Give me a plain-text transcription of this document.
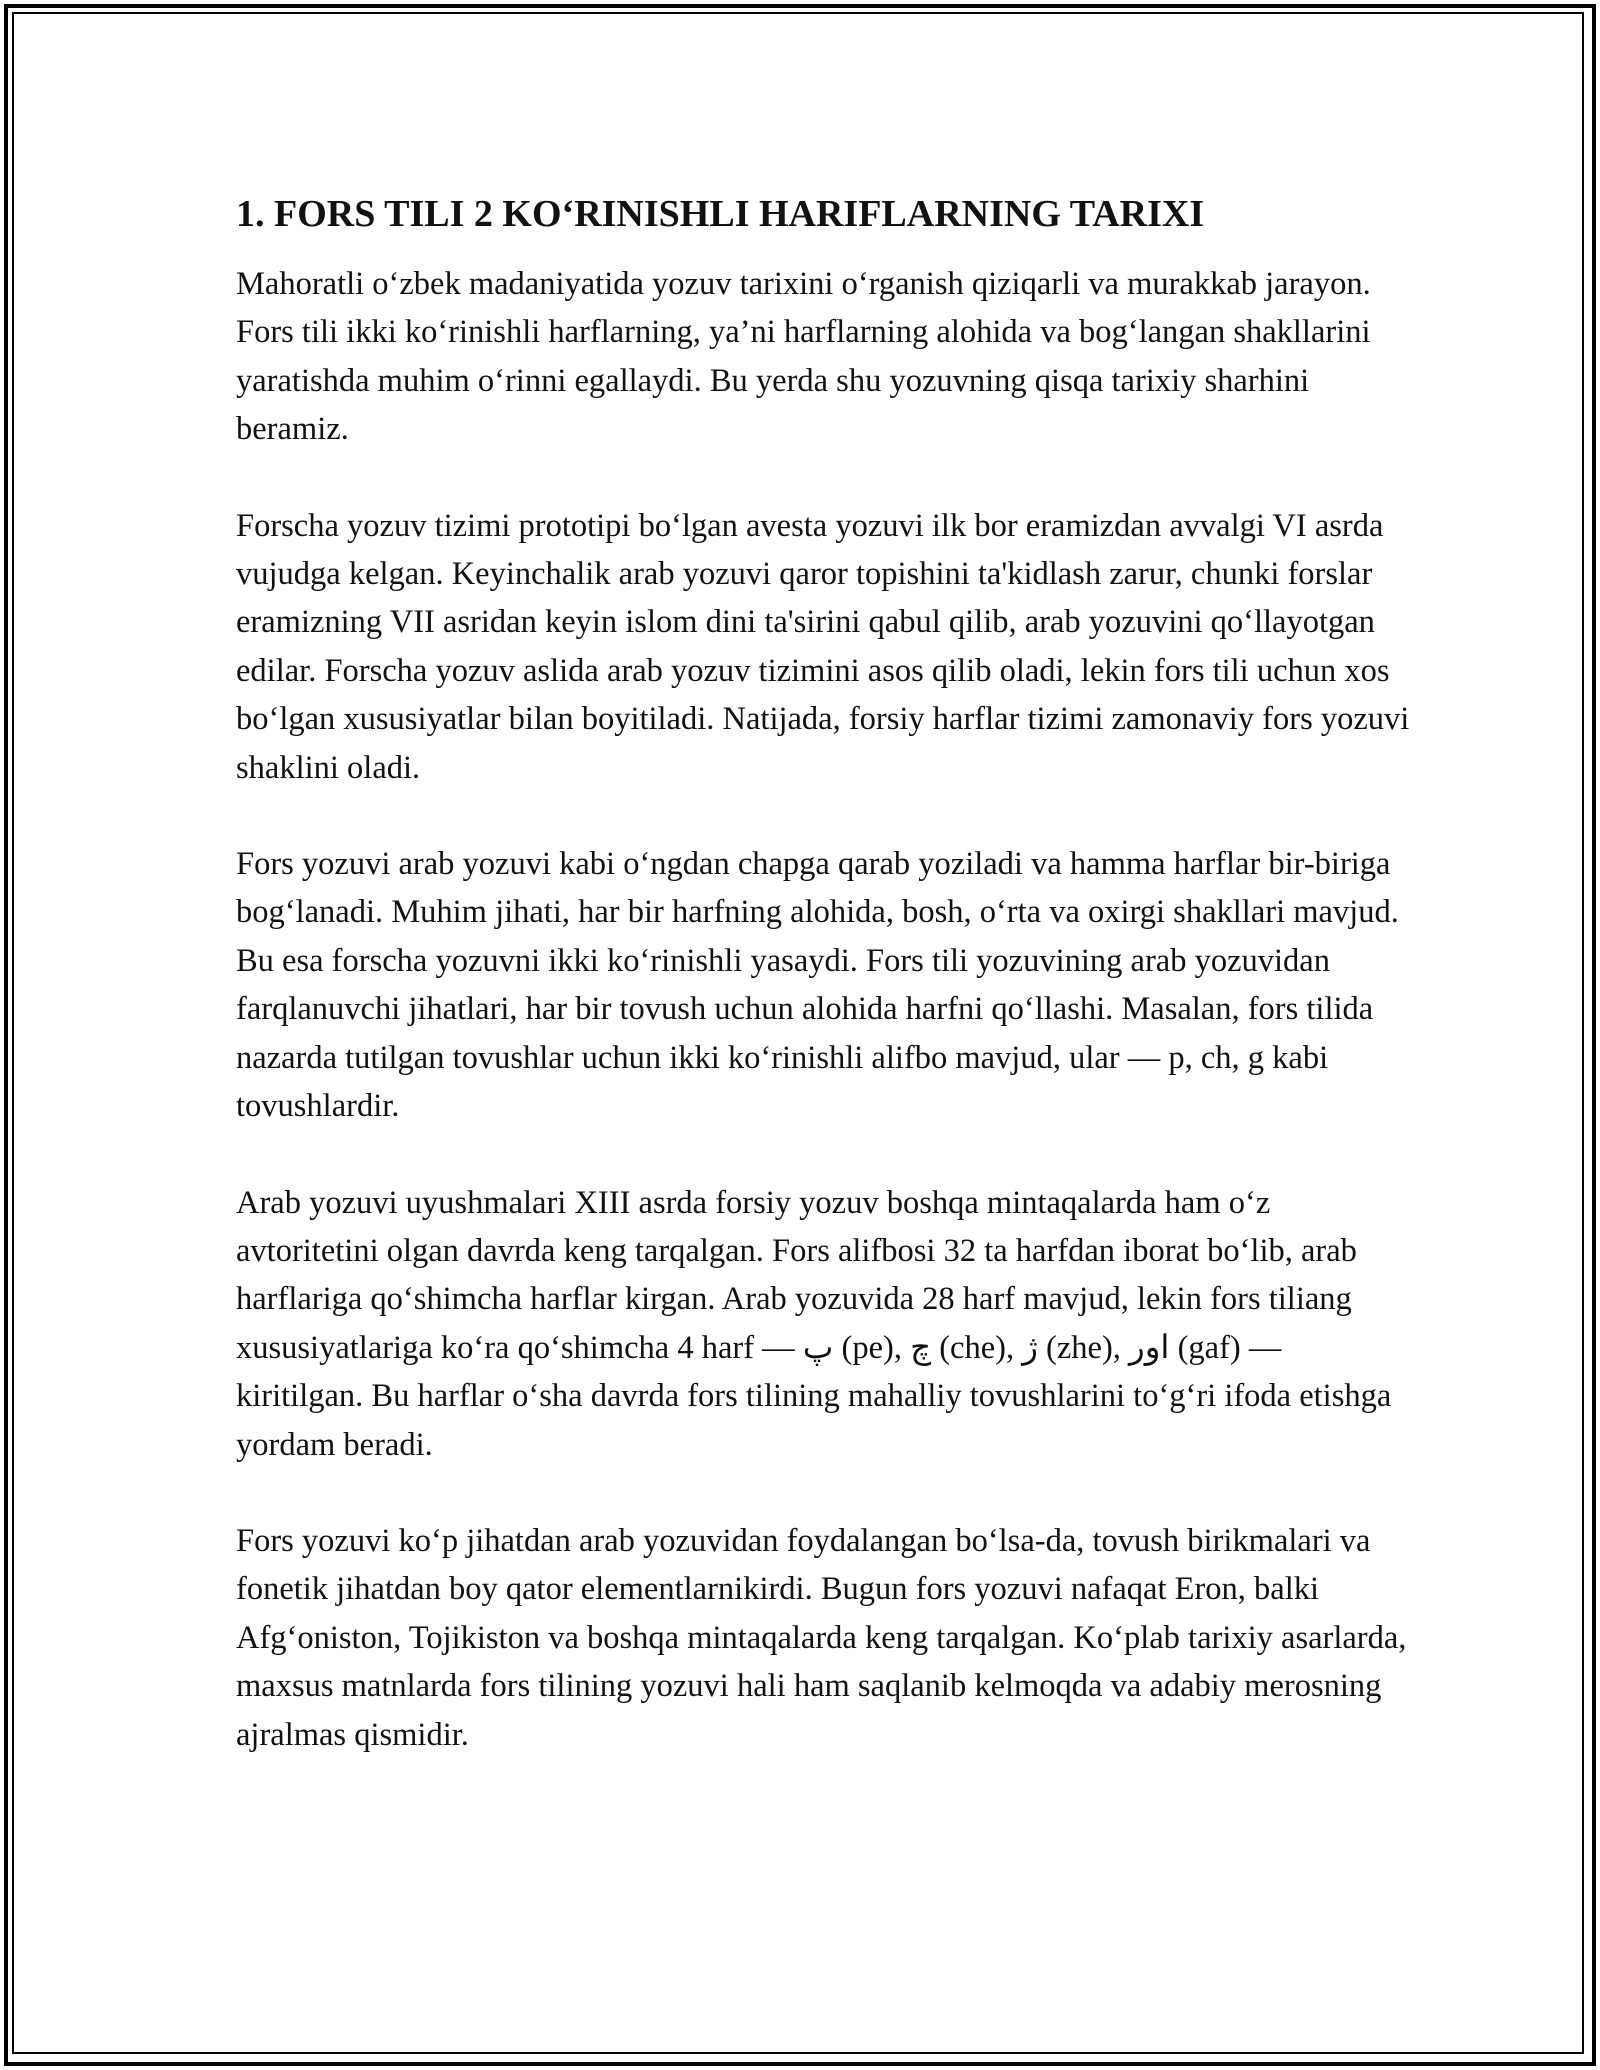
1. FORS TILI 2 KO‘RINISHLI HARIFLARNING TARIXI

Mahoratli o‘zbek madaniyatida yozuv tarixini o‘rganish qiziqarli va murakkab jarayon. Fors tili ikki ko‘rinishli harflarning, ya’ni harflarning alohida va bog‘langan shakllarini yaratishda muhim o‘rinni egallaydi. Bu yerda shu yozuvning qisqa tarixiy sharhini beramiz.

Forscha yozuv tizimi prototipi bo‘lgan avesta yozuvi ilk bor eramizdan avvalgi VI asrda vujudga kelgan. Keyinchalik arab yozuvi qaror topishini ta'kidlash zarur, chunki forslar eramizning VII asridan keyin islom dini ta'sirini qabul qilib, arab yozuvini qo‘llayotgan edilar. Forscha yozuv aslida arab yozuv tizimini asos qilib oladi, lekin fors tili uchun xos bo‘lgan xususiyatlar bilan boyitiladi. Natijada, forsiy harflar tizimi zamonaviy fors yozuvi shaklini oladi.

Fors yozuvi arab yozuvi kabi o‘ngdan chapga qarab yoziladi va hamma harflar bir-biriga bog‘lanadi. Muhim jihati, har bir harfning alohida, bosh, o‘rta va oxirgi shakllari mavjud. Bu esa forscha yozuvni ikki ko‘rinishli yasaydi. Fors tili yozuvining arab yozuvidan farqlanuvchi jihatlari, har bir tovush uchun alohida harfni qo‘llashi. Masalan, fors tilida nazarda tutilgan tovushlar uchun ikki ko‘rinishli alifbo mavjud, ular — p, ch, g kabi tovushlardir.

Arab yozuvi uyushmalari XIII asrda forsiy yozuv boshqa mintaqalarda ham o‘z avtoritetini olgan davrda keng tarqalgan. Fors alifbosi 32 ta harfdan iborat bo‘lib, arab harflariga qo‘shimcha harflar kirgan. Arab yozuvida 28 harf mavjud, lekin fors tiliang xususiyatlariga ko‘ra qo‘shimcha 4 harf — پ (pe), چ (che), ژ (zhe), اور (gaf) — kiritilgan. Bu harflar o‘sha davrda fors tilining mahalliy tovushlarini to‘g‘ri ifoda etishga yordam beradi.

Fors yozuvi ko‘p jihatdan arab yozuvidan foydalangan bo‘lsa-da, tovush birikmalari va fonetik jihatdan boy qator elementlarnikirdi. Bugun fors yozuvi nafaqat Eron, balki Afg‘oniston, Tojikiston va boshqa mintaqalarda keng tarqalgan. Ko‘plab tarixiy asarlarda, maxsus matnlarda fors tilining yozuvi hali ham saqlanib kelmoqda va adabiy merosning ajralmas qismidir.
